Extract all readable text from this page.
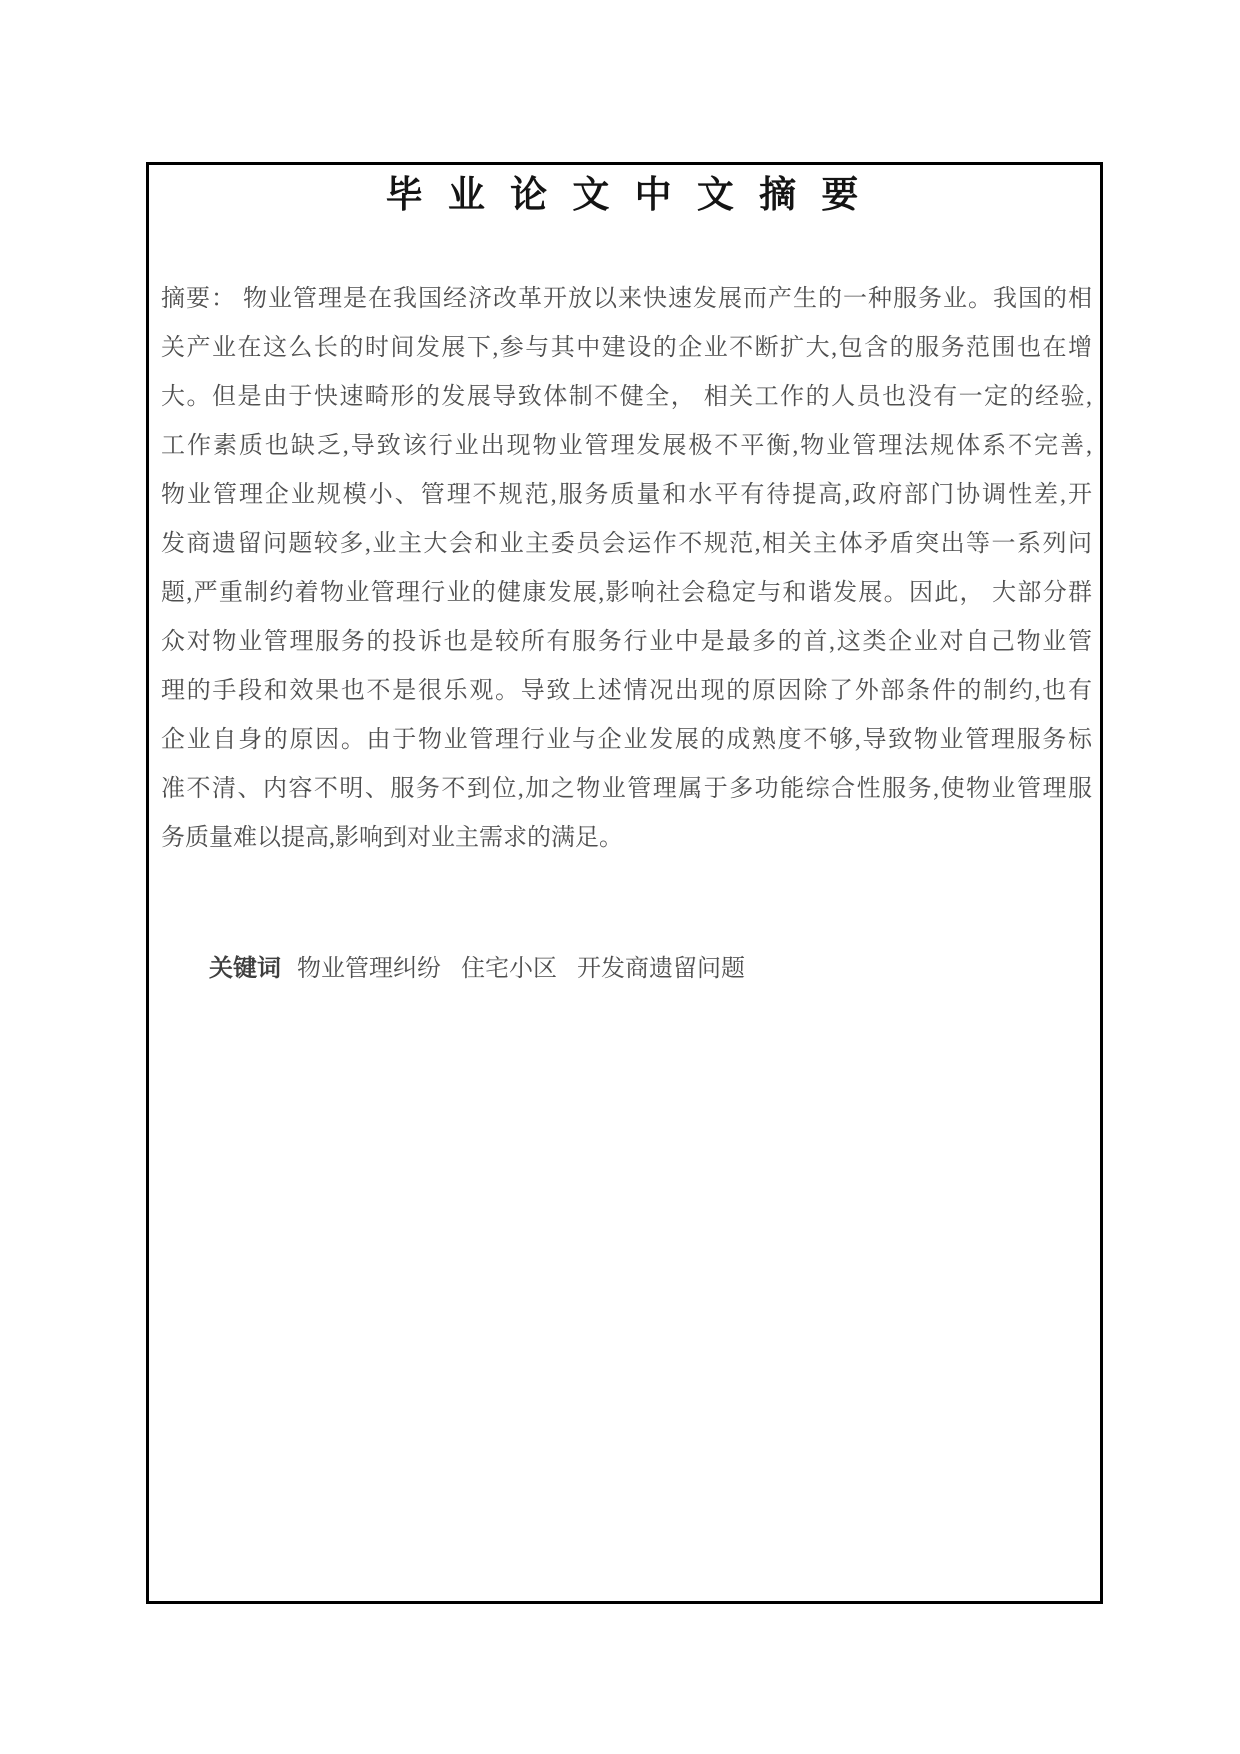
毕 业 论 文 中 文 摘 要
摘要： 物业管理是在我国经济改革开放以来快速发展而产生的一种服务业。我国的相
关产业在这么长的时间发展下,参与其中建设的企业不断扩大,包含的服务范围也在增
大。但是由于快速畸形的发展导致体制不健全， 相关工作的人员也没有一定的经验,
工作素质也缺乏,导致该行业出现物业管理发展极不平衡,物业管理法规体系不完善,
物业管理企业规模小、管理不规范,服务质量和水平有待提高,政府部门协调性差,开
发商遗留问题较多,业主大会和业主委员会运作不规范,相关主体矛盾突出等一系列问
题,严重制约着物业管理行业的健康发展,影响社会稳定与和谐发展。因此， 大部分群
众对物业管理服务的投诉也是较所有服务行业中是最多的首,这类企业对自己物业管
理的手段和效果也不是很乐观。导致上述情况出现的原因除了外部条件的制约,也有
企业自身的原因。由于物业管理行业与企业发展的成熟度不够,导致物业管理服务标
准不清、内容不明、服务不到位,加之物业管理属于多功能综合性服务,使物业管理服
务质量难以提高,影响到对业主需求的满足。
关键词 物业管理纠纷 住宅小区 开发商遗留问题
